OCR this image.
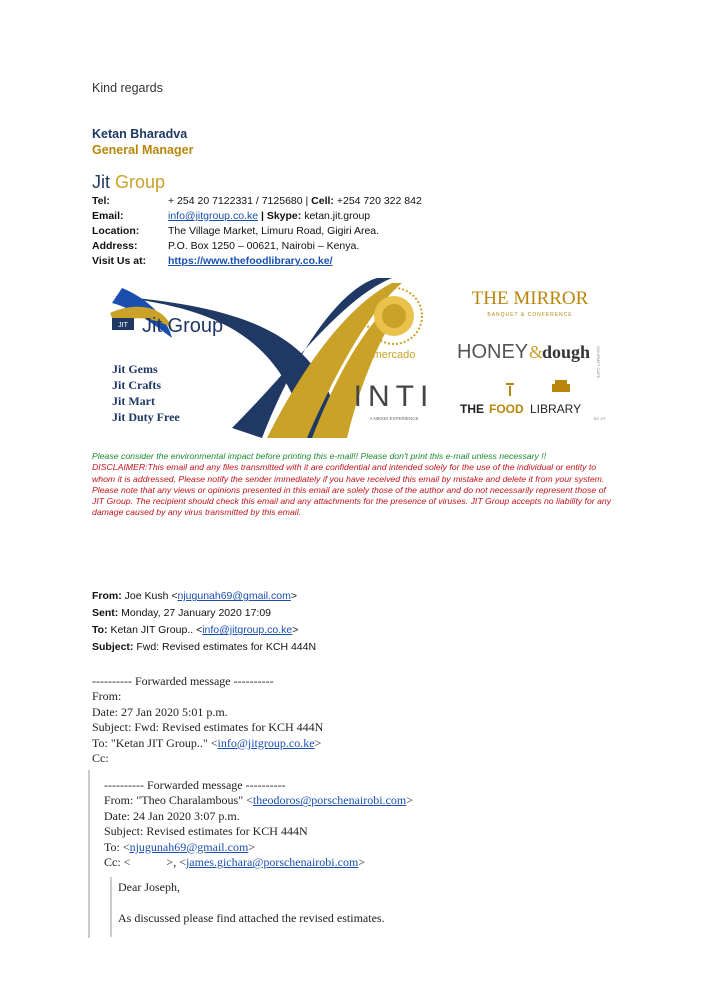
Kind regards
Ketan Bharadva
General Manager
Jit Group
Tel:	+ 254 20 7122331 / 7125680 | Cell: +254 720 322 842
Email:	info@jitgroup.co.ke | Skype: ketan.jit.group
Location:	The Village Market, Limuru Road, Gigiri Area.
Address:	P.O. Box 1250 – 00621, Nairobi – Kenya.
Visit Us at:	https://www.thefoodlibrary.co.ke/
JIT Jit Group
Jit Gems
Jit Crafts
Jit Mart
Jit Duty Free
mercado
INTI
A NIKKEI EXPERIENCE
THE MIRROR
BANQUET & CONFERENCE
HONEY &
dough GOURMET CAFE
THE FOOD LIBRARY
BY JIT
Please consider the environmental impact before printing this e-mail!! Please don't print this e-mail unless necessary !!
DISCLAIMER:This email and any files transmitted with it are confidential and intended solely for the use of the individual or entity to whom it is addressed. Please notify the sender immediately if you have received this email by mistake and delete it from your system. Please note that any views or opinions presented in this email are solely those of the author and do not necessarily represent those of JIT Group. The recipient should check this email and any attachments for the presence of viruses. JIT Group accepts no liability for any damage caused by any virus transmitted by this email.
From: Joe Kush <njugunah69@gmail.com>
Sent: Monday, 27 January 2020 17:09
To: Ketan JIT Group.. <info@jitgroup.co.ke>
Subject: Fwd: Revised estimates for KCH 444N
---------- Forwarded message ----------
From:
Date: 27 Jan 2020 5:01 p.m.
Subject: Fwd: Revised estimates for KCH 444N
To: "Ketan JIT Group.." <info@jitgroup.co.ke>
Cc:
---------- Forwarded message ----------
From: "Theo Charalambous" <theodoros@porschenairobi.com>
Date: 24 Jan 2020 3:07 p.m.
Subject: Revised estimates for KCH 444N
To: <njugunah69@gmail.com>
Cc: <            >, <james.gichara@porschenairobi.com>
Dear Joseph,
As discussed please find attached the revised estimates.
